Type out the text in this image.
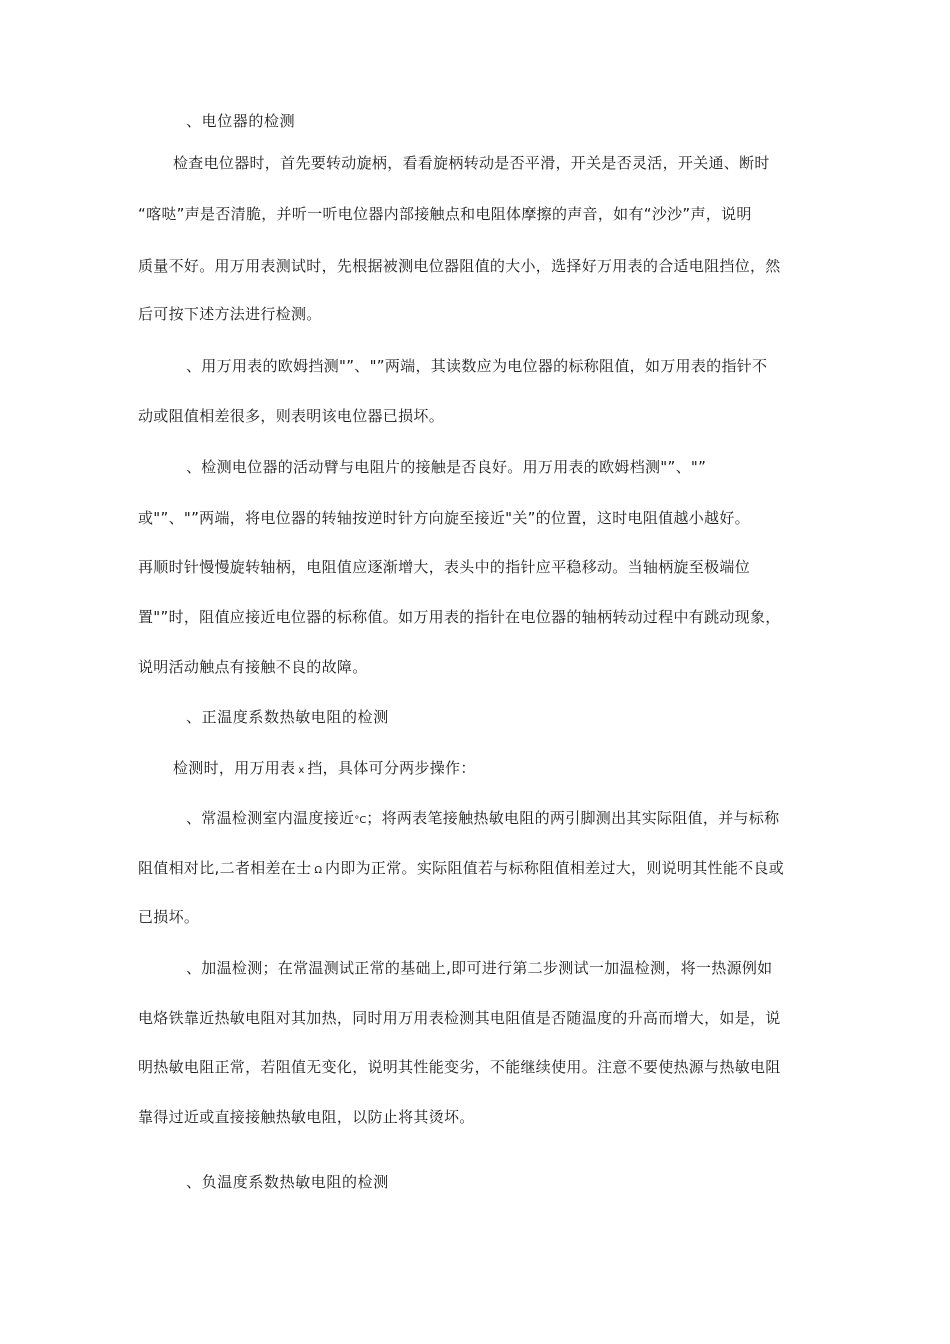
、电位器的检测
检查电位器时，首先要转动旋柄，看看旋柄转动是否平滑，开关是否灵活，开关通、断时
“喀哒”声是否清脆，并听一听电位器内部接触点和电阻体摩擦的声音，如有“沙沙”声，说明
质量不好。用万用表测试时，先根据被测电位器阻值的大小，选择好万用表的合适电阻挡位，然
后可按下述方法进行检测。
、用万用表的欧姆挡测"”、"”两端，其读数应为电位器的标称阻值，如万用表的指针不
动或阻值相差很多，则表明该电位器已损坏。
、检测电位器的活动臂与电阻片的接触是否良好。用万用表的欧姆档测"”、"”
或"”、"”两端，将电位器的转轴按逆时针方向旋至接近"关”的位置，这时电阻值越小越好。
再顺时针慢慢旋转轴柄，电阻值应逐渐增大，表头中的指针应平稳移动。当轴柄旋至极端位
置"”时，阻值应接近电位器的标称值。如万用表的指针在电位器的轴柄转动过程中有跳动现象，
说明活动触点有接触不良的故障。
、正温度系数热敏电阻的检测
检测时，用万用表 x 挡，具体可分两步操作：
、常温检测室内温度接近°C；将两表笔接触热敏电阻的两引脚测出其实际阻值，并与标称
阻值相对比,二者相差在士 Ω 内即为正常。实际阻值若与标称阻值相差过大，则说明其性能不良或
已损坏。
、加温检测；在常温测试正常的基础上,即可进行第二步测试一加温检测，将一热源例如
电烙铁靠近热敏电阻对其加热，同时用万用表检测其电阻值是否随温度的升高而增大，如是，说
明热敏电阻正常，若阻值无变化，说明其性能变劣，不能继续使用。注意不要使热源与热敏电阻
靠得过近或直接接触热敏电阻，以防止将其烫坏。
、负温度系数热敏电阻的检测
